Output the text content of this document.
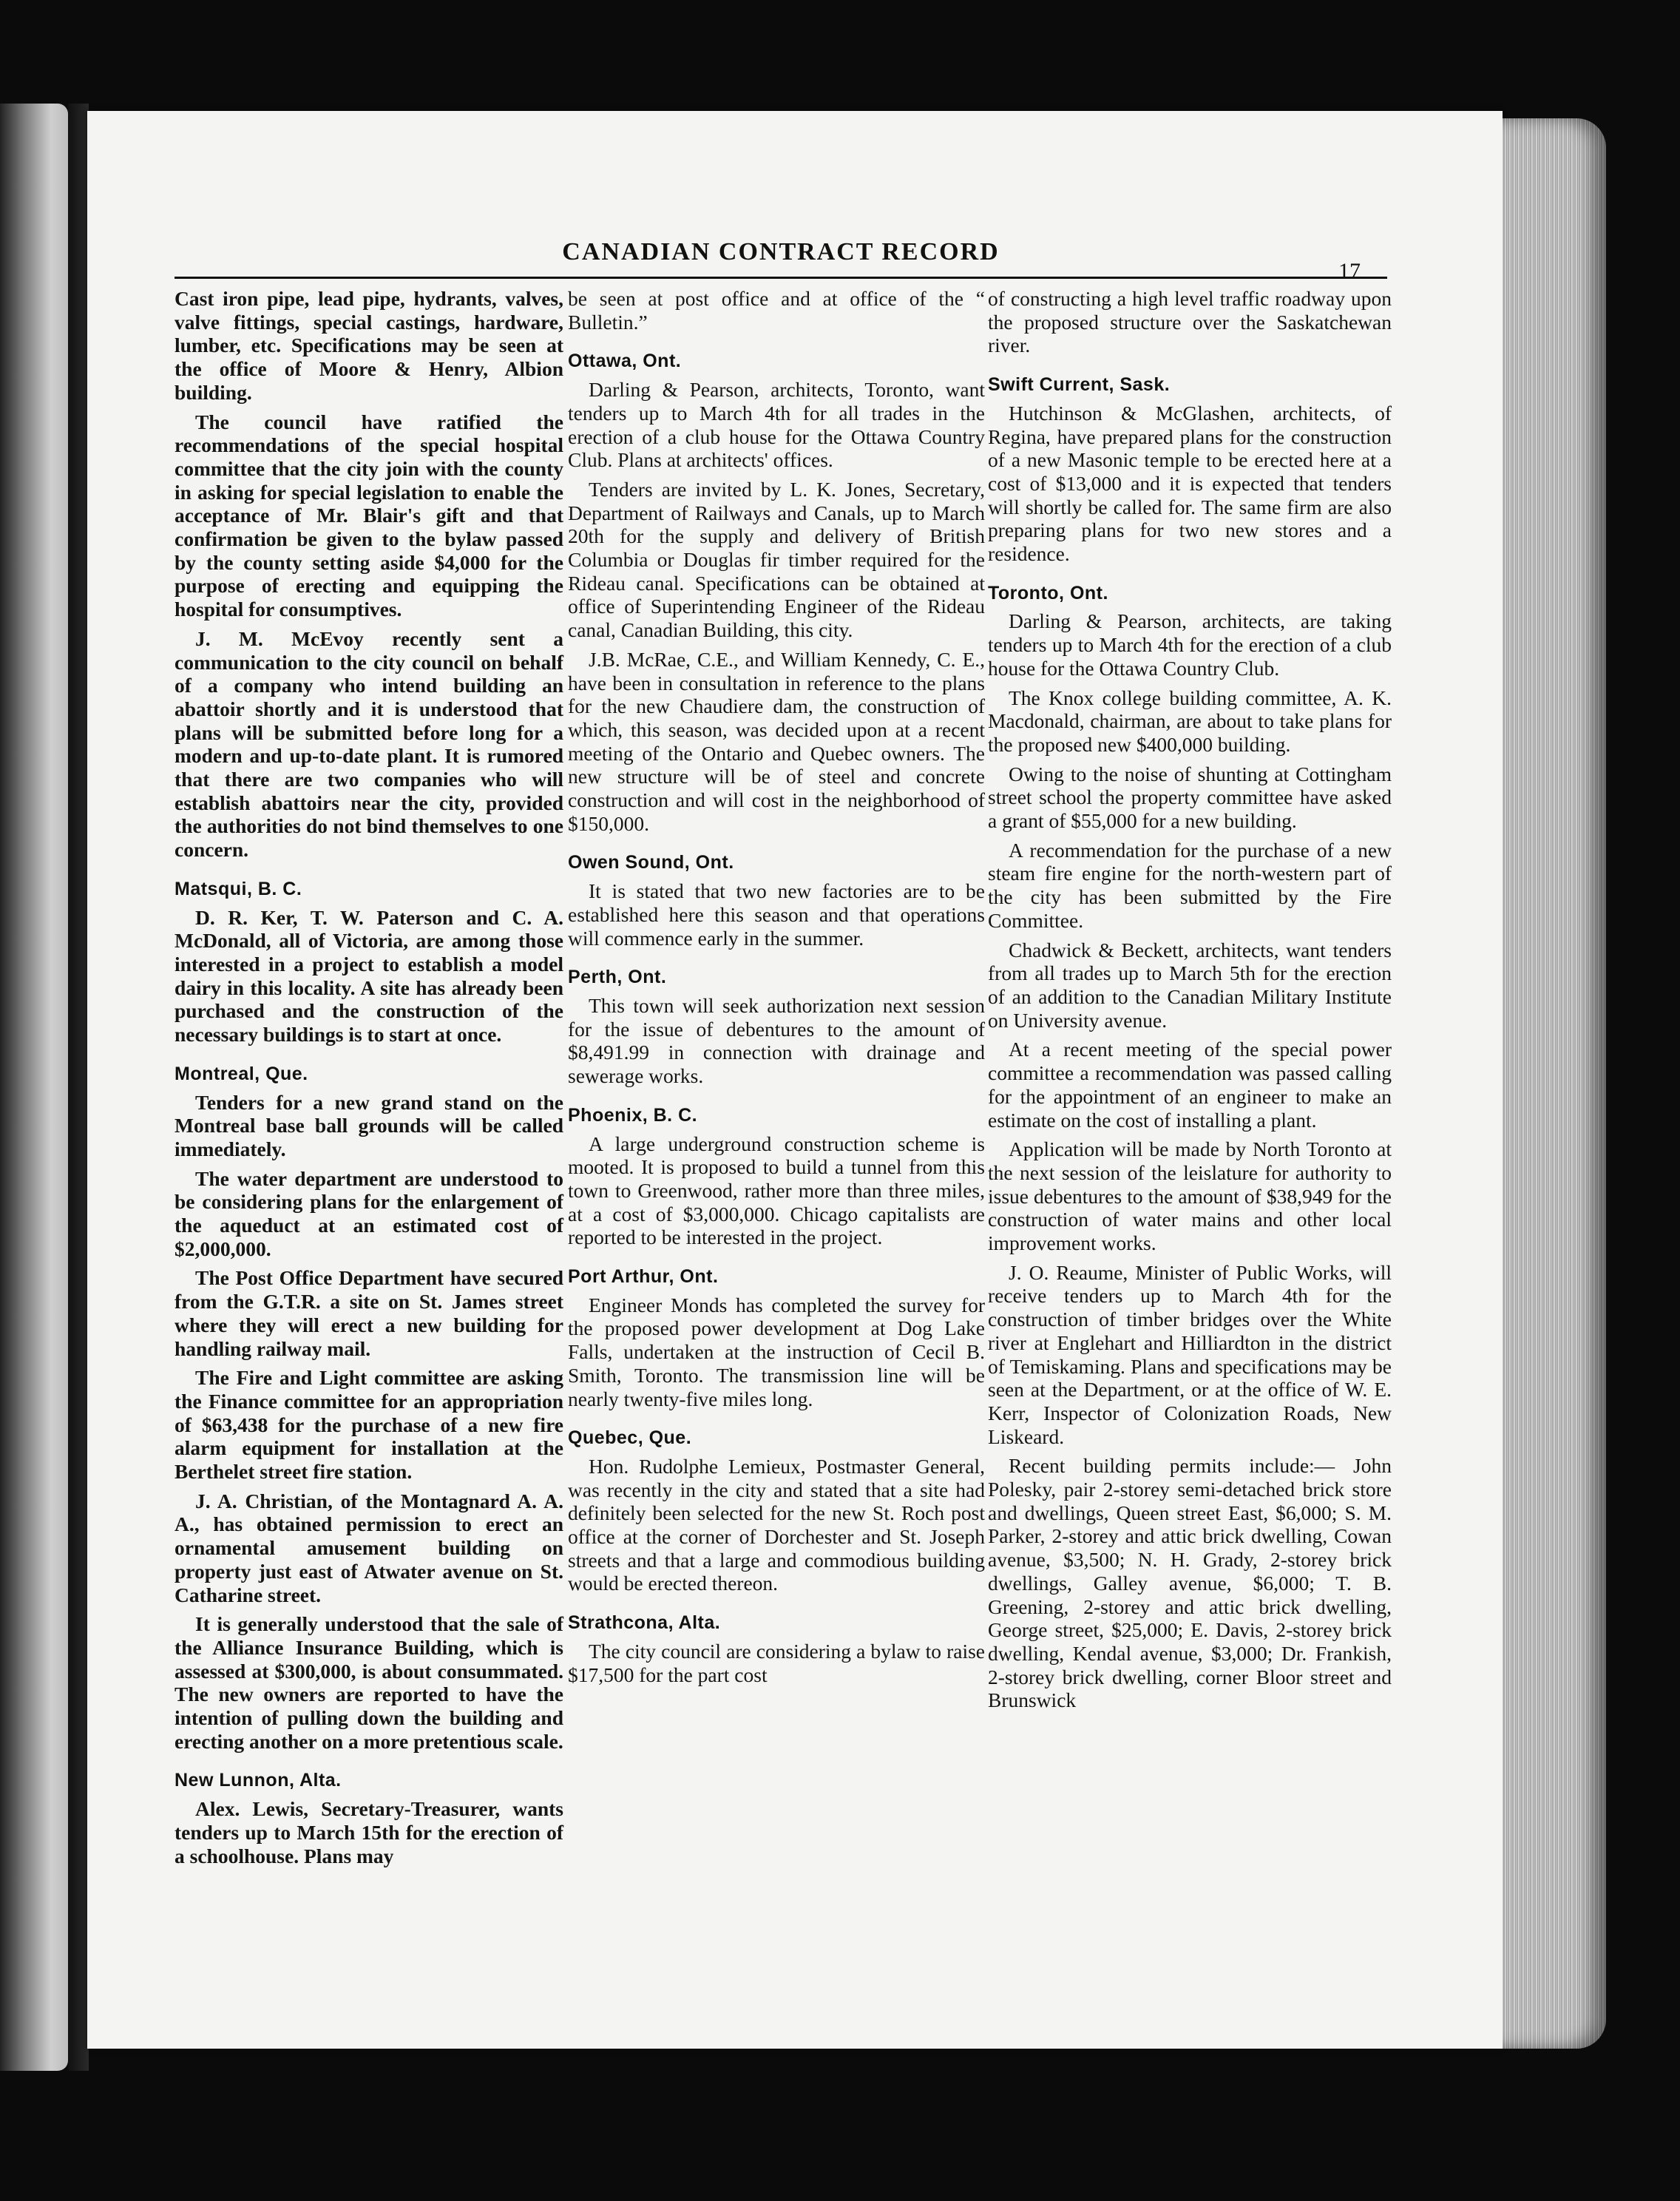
CANADIAN CONTRACT RECORD
17

Cast iron pipe, lead pipe, hydrants, valves, valve fittings, special castings, hardware, lumber, etc. Specifications may be seen at the office of Moore & Henry, Albion building.

The council have ratified the recommendations of the special hospital committee that the city join with the county in asking for special legislation to enable the acceptance of Mr. Blair's gift and that confirmation be given to the bylaw passed by the county setting aside $4,000 for the purpose of erecting and equipping the hospital for consumptives.

J. M. McEvoy recently sent a communication to the city council on behalf of a company who intend building an abattoir shortly and it is understood that plans will be submitted before long for a modern and up-to-date plant. It is rumored that there are two companies who will establish abattoirs near the city, provided the authorities do not bind themselves to one concern.

Matsqui, B. C.

D. R. Ker, T. W. Paterson and C. A. McDonald, all of Victoria, are among those interested in a project to establish a model dairy in this locality. A site has already been purchased and the construction of the necessary buildings is to start at once.

Montreal, Que.

Tenders for a new grand stand on the Montreal base ball grounds will be called immediately.

The water department are understood to be considering plans for the enlargement of the aqueduct at an estimated cost of $2,000,000.

The Post Office Department have secured from the G.T.R. a site on St. James street where they will erect a new building for handling railway mail.

The Fire and Light committee are asking the Finance committee for an appropriation of $63,438 for the purchase of a new fire alarm equipment for installation at the Berthelet street fire station.

J. A. Christian, of the Montagnard A. A. A., has obtained permission to erect an ornamental amusement building on property just east of Atwater avenue on St. Catharine street.

It is generally understood that the sale of the Alliance Insurance Building, which is assessed at $300,000, is about consummated. The new owners are reported to have the intention of pulling down the building and erecting another on a more pretentious scale.

New Lunnon, Alta.

Alex. Lewis, Secretary-Treasurer, wants tenders up to March 15th for the erection of a schoolhouse. Plans may

be seen at post office and at office of the “ Bulletin.”

Ottawa, Ont.

Darling & Pearson, architects, Toronto, want tenders up to March 4th for all trades in the erection of a club house for the Ottawa Country Club. Plans at architects' offices.

Tenders are invited by L. K. Jones, Secretary, Department of Railways and Canals, up to March 20th for the supply and delivery of British Columbia or Douglas fir timber required for the Rideau canal. Specifications can be obtained at office of Superintending Engineer of the Rideau canal, Canadian Building, this city.

J.B. McRae, C.E., and William Kennedy, C. E., have been in consultation in reference to the plans for the new Chaudiere dam, the construction of which, this season, was decided upon at a recent meeting of the Ontario and Quebec owners. The new structure will be of steel and concrete construction and will cost in the neighborhood of $150,000.

Owen Sound, Ont.

It is stated that two new factories are to be established here this season and that operations will commence early in the summer.

Perth, Ont.

This town will seek authorization next session for the issue of debentures to the amount of $8,491.99 in connection with drainage and sewerage works.

Phoenix, B. C.

A large underground construction scheme is mooted. It is proposed to build a tunnel from this town to Greenwood, rather more than three miles, at a cost of $3,000,000. Chicago capitalists are reported to be interested in the project.

Port Arthur, Ont.

Engineer Monds has completed the survey for the proposed power development at Dog Lake Falls, undertaken at the instruction of Cecil B. Smith, Toronto. The transmission line will be nearly twenty-five miles long.

Quebec, Que.

Hon. Rudolphe Lemieux, Postmaster General, was recently in the city and stated that a site had definitely been selected for the new St. Roch post office at the corner of Dorchester and St. Joseph streets and that a large and commodious building would be erected thereon.

Strathcona, Alta.

The city council are considering a bylaw to raise $17,500 for the part cost

of constructing a high level traffic roadway upon the proposed structure over the Saskatchewan river.

Swift Current, Sask.

Hutchinson & McGlashen, architects, of Regina, have prepared plans for the construction of a new Masonic temple to be erected here at a cost of $13,000 and it is expected that tenders will shortly be called for. The same firm are also preparing plans for two new stores and a residence.

Toronto, Ont.

Darling & Pearson, architects, are taking tenders up to March 4th for the erection of a club house for the Ottawa Country Club.

The Knox college building committee, A. K. Macdonald, chairman, are about to take plans for the proposed new $400,000 building.

Owing to the noise of shunting at Cottingham street school the property committee have asked a grant of $55,000 for a new building.

A recommendation for the purchase of a new steam fire engine for the north-western part of the city has been submitted by the Fire Committee.

Chadwick & Beckett, architects, want tenders from all trades up to March 5th for the erection of an addition to the Canadian Military Institute on University avenue.

At a recent meeting of the special power committee a recommendation was passed calling for the appointment of an engineer to make an estimate on the cost of installing a plant.

Application will be made by North Toronto at the next session of the leislature for authority to issue debentures to the amount of $38,949 for the construction of water mains and other local improvement works.

J. O. Reaume, Minister of Public Works, will receive tenders up to March 4th for the construction of timber bridges over the White river at Englehart and Hilliardton in the district of Temiskaming. Plans and specifications may be seen at the Department, or at the office of W. E. Kerr, Inspector of Colonization Roads, New Liskeard.

Recent building permits include:— John Polesky, pair 2-storey semi-detached brick store and dwellings, Queen street East, $6,000; S. M. Parker, 2-storey and attic brick dwelling, Cowan avenue, $3,500; N. H. Grady, 2-storey brick dwellings, Galley avenue, $6,000; T. B. Greening, 2-storey and attic brick dwelling, George street, $25,000; E. Davis, 2-storey brick dwelling, Kendal avenue, $3,000; Dr. Frankish, 2-storey brick dwelling, corner Bloor street and Brunswick
